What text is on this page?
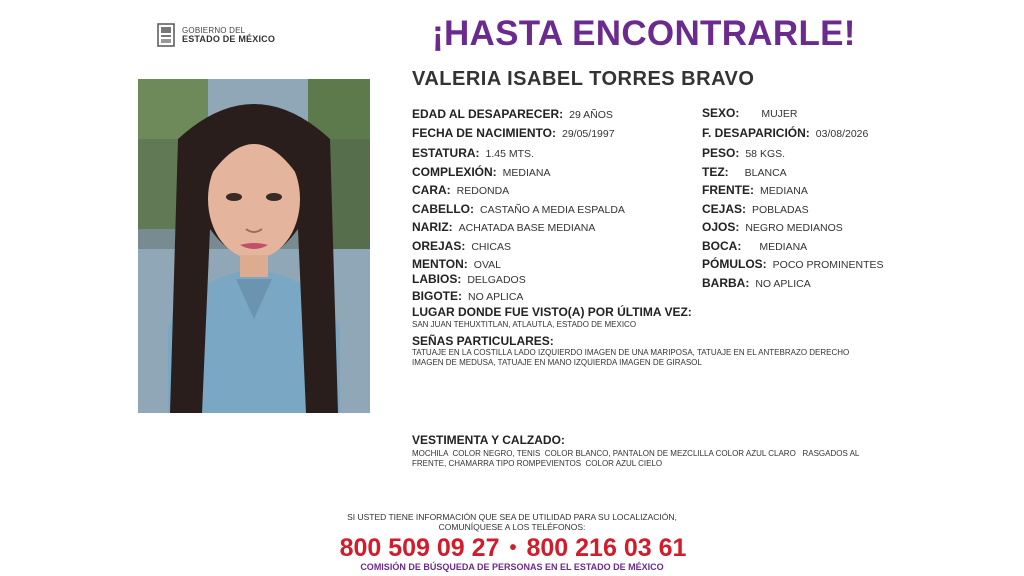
GOBIERNO DEL
ESTADO DE MÉXICO	¡HASTA ENCONTRARLE!
VALERIA ISABEL TORRES BRAVO
EDAD AL DESAPARECER: 29 AÑOS
FECHA DE NACIMIENTO: 29/05/1997
ESTATURA: 1.45 MTS.
COMPLEXIÓN: MEDIANA
CARA: REDONDA
CABELLO: CASTAÑO A MEDIA ESPALDA
NARIZ: ACHATADA BASE MEDIANA
OREJAS: CHICAS
MENTON: OVAL
LABIOS: DELGADOS
BIGOTE: NO APLICA
SEXO: MUJER
F. DESAPARICIÓN: 03/08/2026
PESO: 58 KGS.
TEZ: BLANCA
FRENTE: MEDIANA
CEJAS: POBLADAS
OJOS: NEGRO MEDIANOS
BOCA: MEDIANA
PÓMULOS: POCO PROMINENTES
BARBA: NO APLICA
LUGAR DONDE FUE VISTO(A) POR ÚLTIMA VEZ:
SAN JUAN TEHUXTITLAN, ATLAUTLA, ESTADO DE MEXICO
SEÑAS PARTICULARES:
TATUAJE EN LA COSTILLA LADO IZQUIERDO IMAGEN DE UNA MARIPOSA, TATUAJE EN EL ANTEBRAZO DERECHO
IMAGEN DE MEDUSA, TATUAJE EN MANO IZQUIERDA IMAGEN DE GIRASOL
VESTIMENTA Y CALZADO:
MOCHILA  COLOR NEGRO, TENIS  COLOR BLANCO, PANTALON DE MEZCLILLA COLOR AZUL CLARO   RASGADOS AL
FRENTE, CHAMARRA TIPO ROMPEVIENTOS  COLOR AZUL CIELO
SI USTED TIENE INFORMACIÓN QUE SEA DE UTILIDAD PARA SU LOCALIZACIÓN,
COMUNÍQUESE A LOS TELÉFONOS:
800 509 09 27 • 800 216 03 61
COMISIÓN DE BÚSQUEDA DE PERSONAS EN EL ESTADO DE MÉXICO
